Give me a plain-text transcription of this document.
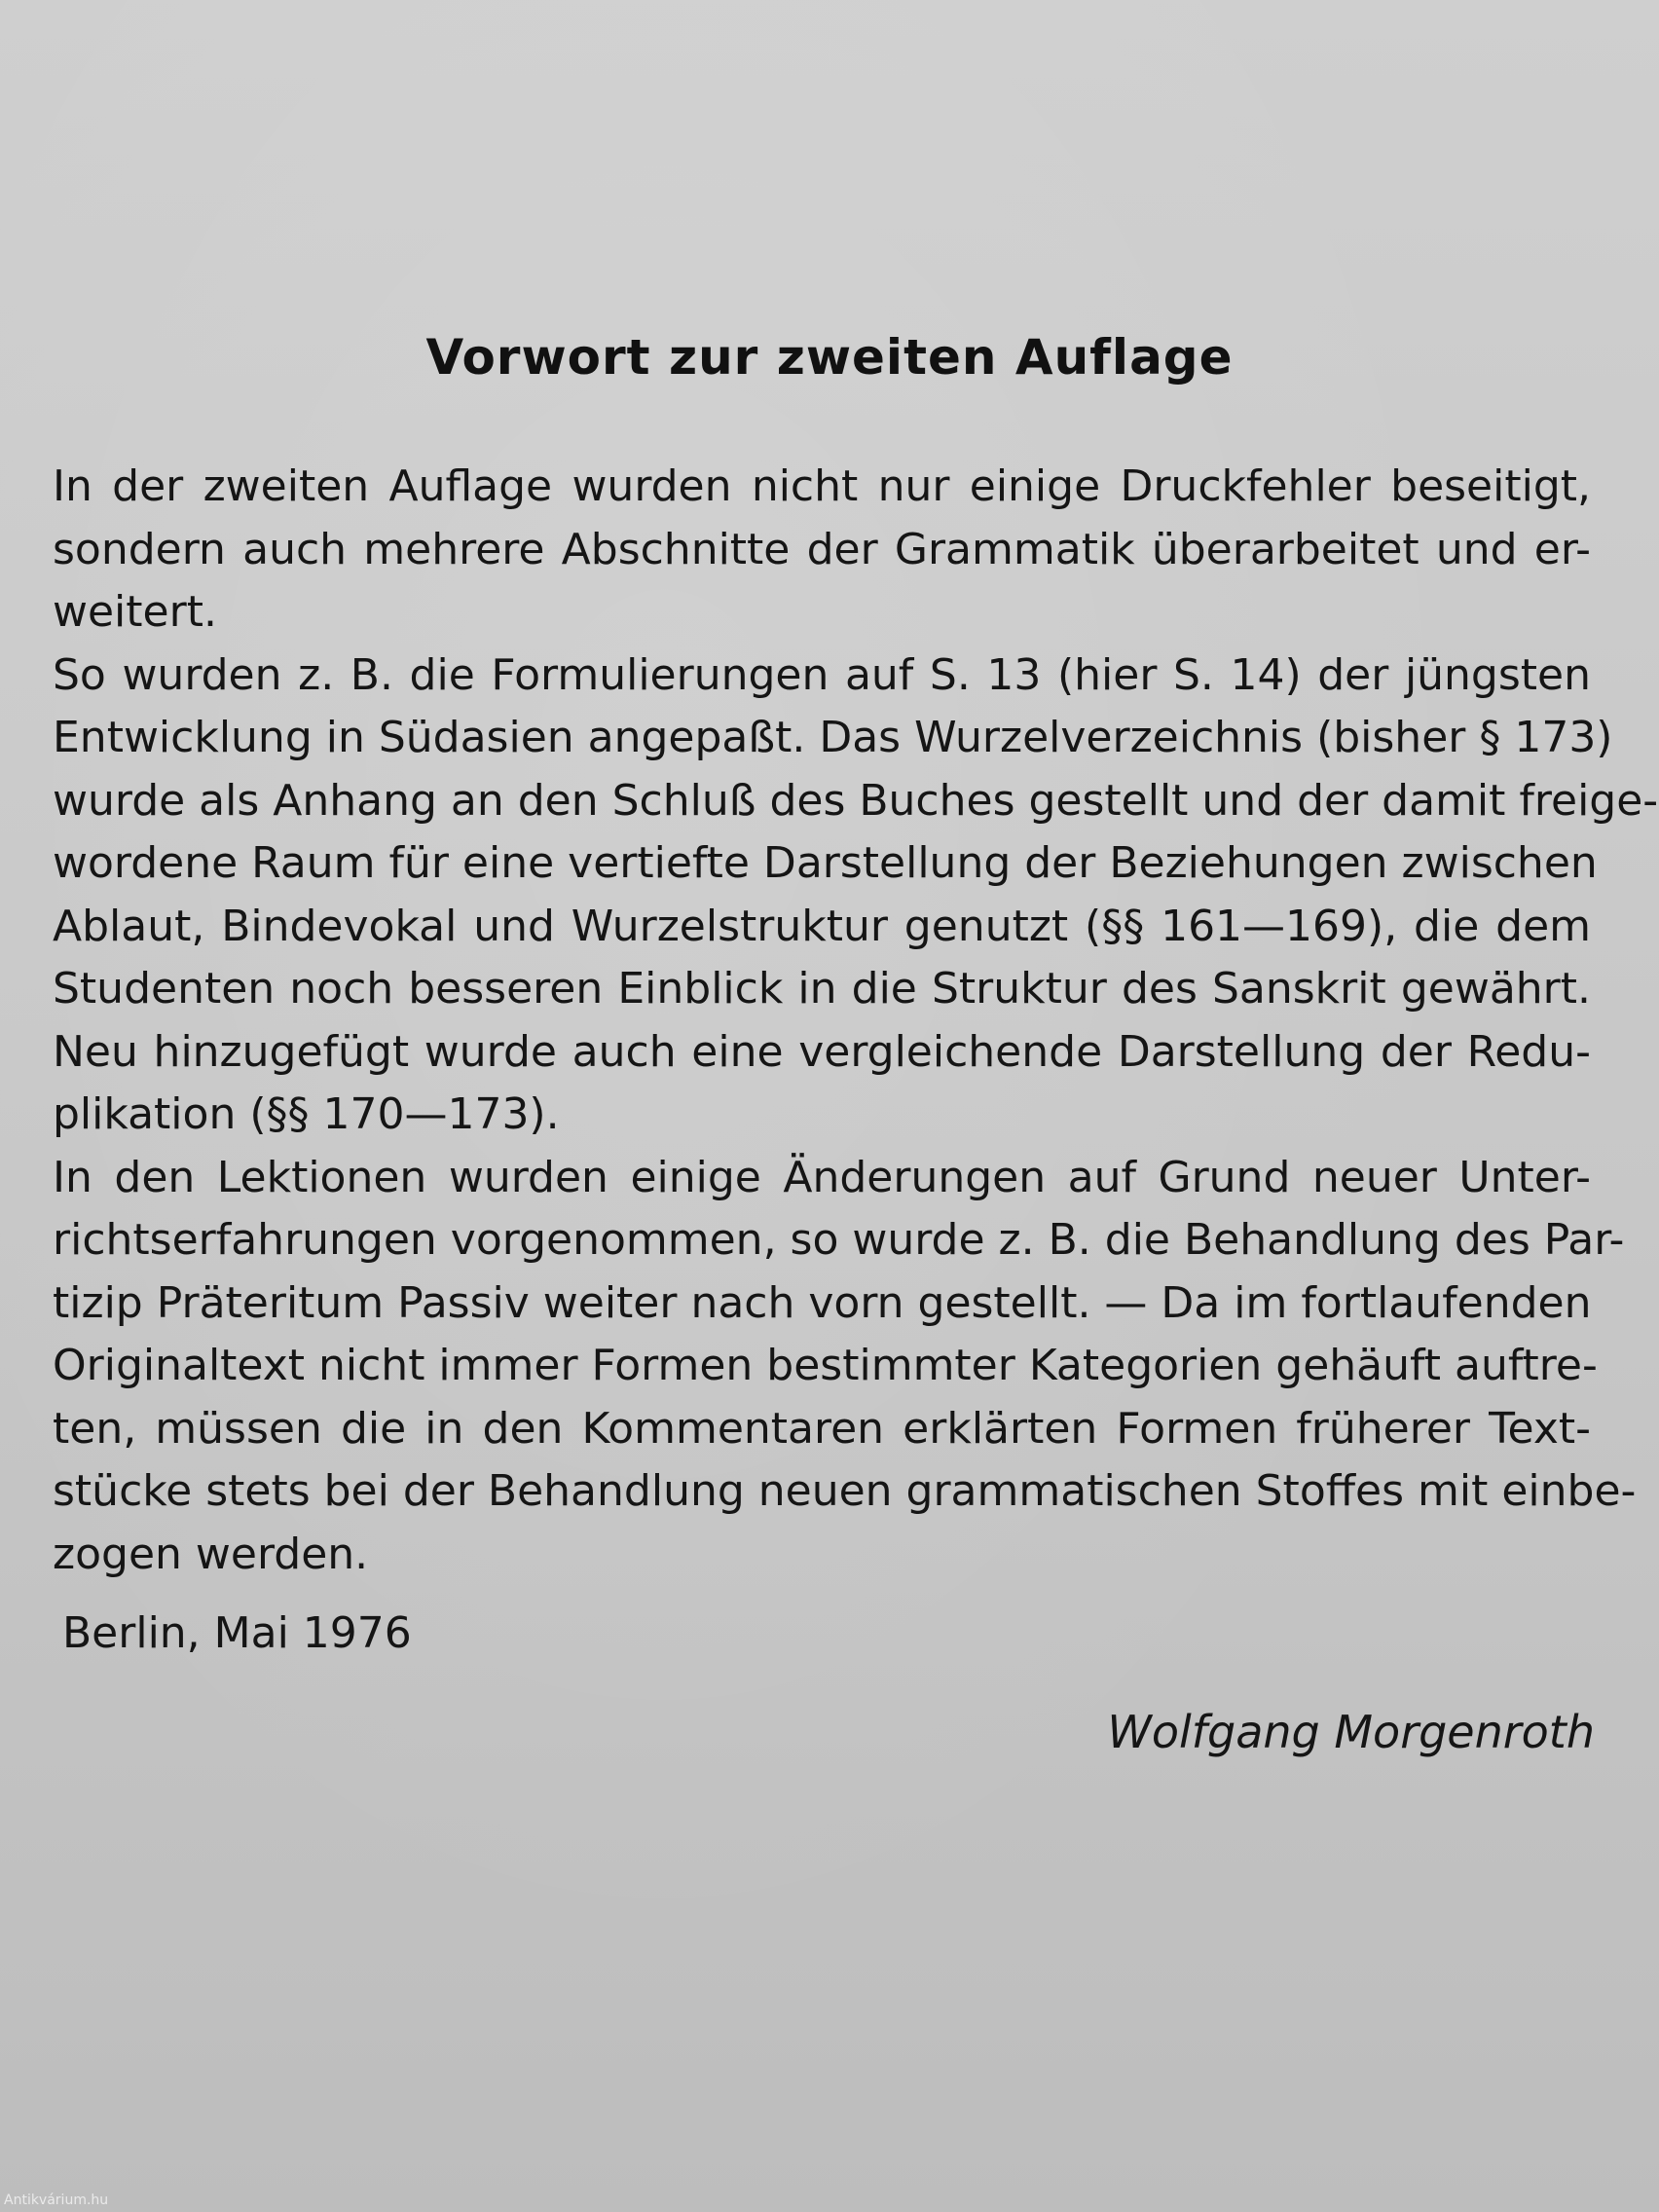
Vorwort zur zweiten Auflage
In der zweiten Auflage wurden nicht nur einige Druckfehler beseitigt,
sondern auch mehrere Abschnitte der Grammatik überarbeitet und er-
weitert.
So wurden z. B. die Formulierungen auf S. 13 (hier S. 14) der jüngsten
Entwicklung in Südasien angepaßt. Das Wurzelverzeichnis (bisher § 173)
wurde als Anhang an den Schluß des Buches gestellt und der damit freige-
wordene Raum für eine vertiefte Darstellung der Beziehungen zwischen
Ablaut, Bindevokal und Wurzelstruktur genutzt (§§ 161—169), die dem
Studenten noch besseren Einblick in die Struktur des Sanskrit gewährt.
Neu hinzugefügt wurde auch eine vergleichende Darstellung der Redu-
plikation (§§ 170—173).
In den Lektionen wurden einige Änderungen auf Grund neuer Unter-
richtserfahrungen vorgenommen, so wurde z. B. die Behandlung des Par-
tizip Präteritum Passiv weiter nach vorn gestellt. — Da im fortlaufenden
Originaltext nicht immer Formen bestimmter Kategorien gehäuft auftre-
ten, müssen die in den Kommentaren erklärten Formen früherer Text-
stücke stets bei der Behandlung neuen grammatischen Stoffes mit einbe-
zogen werden.
Berlin, Mai 1976
Wolfgang Morgenroth
Antikvárium.hu
